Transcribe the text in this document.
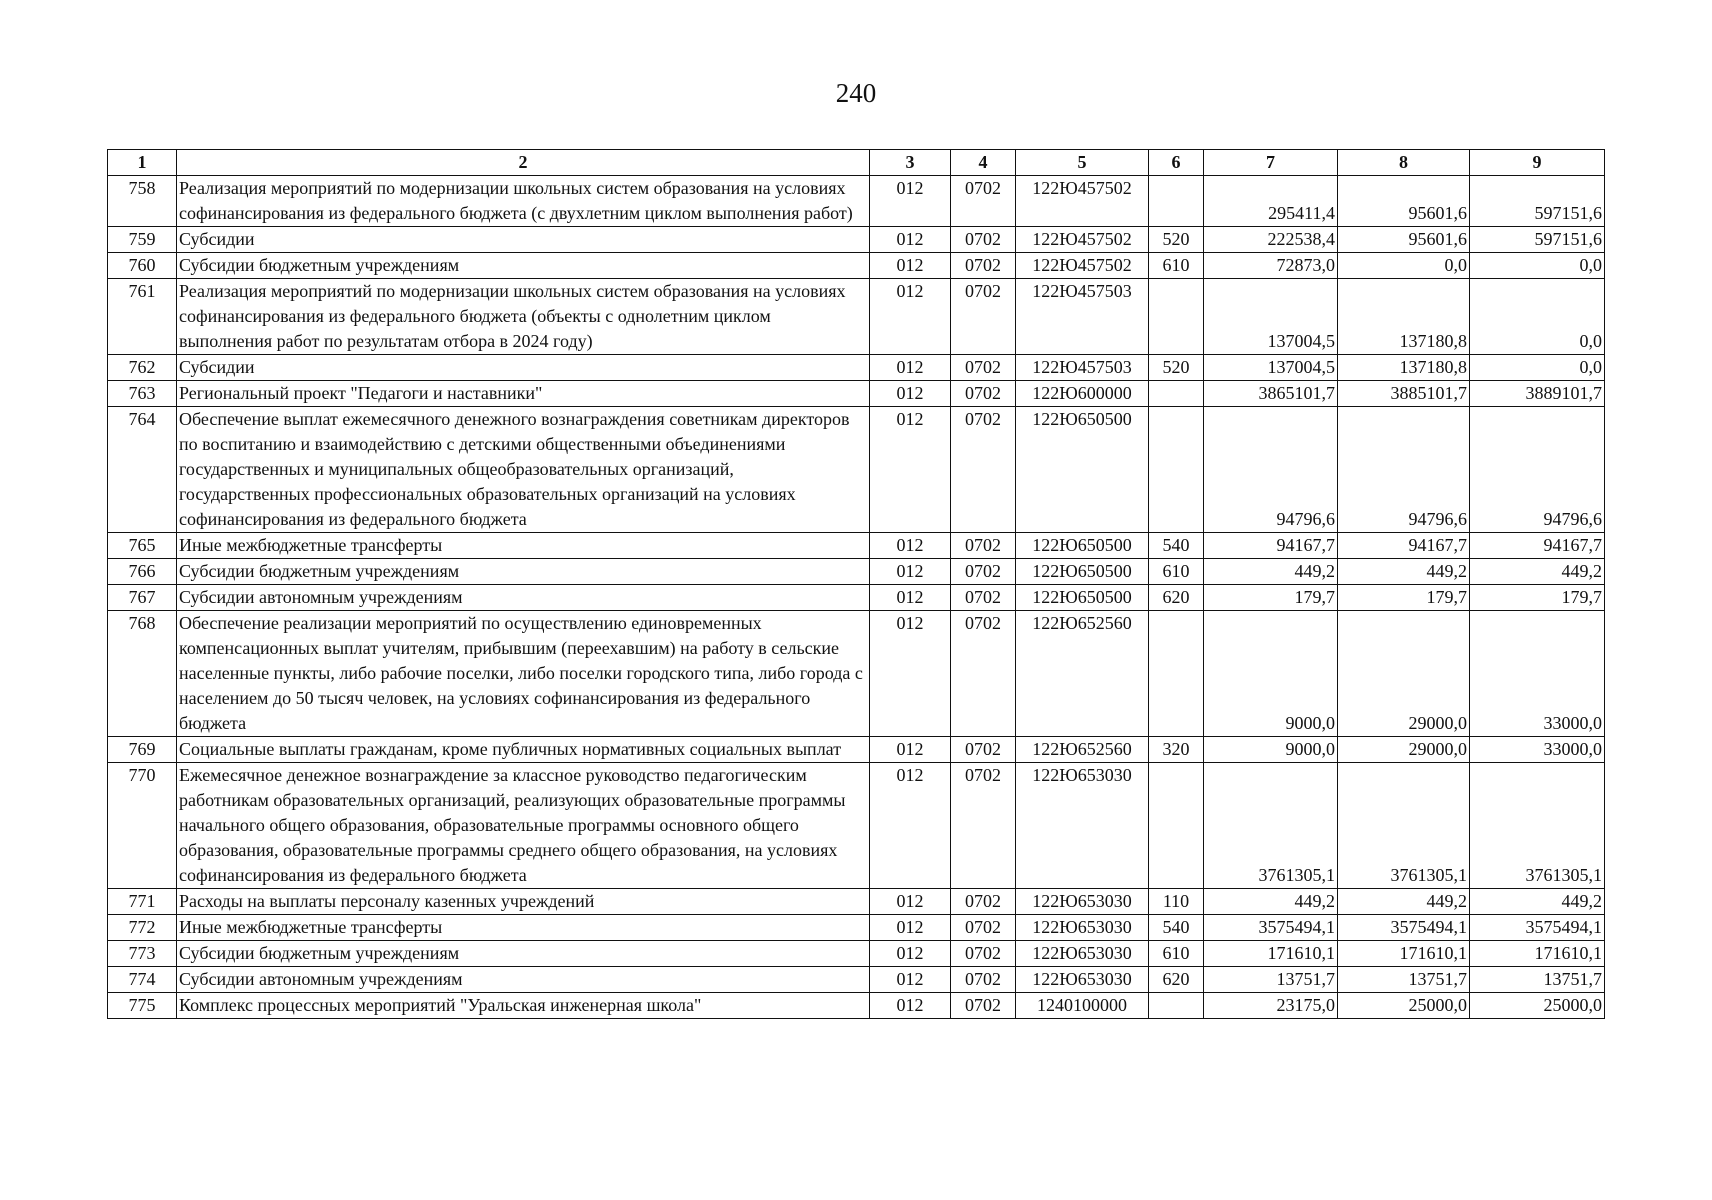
240
1	2	3	4	5	6	7	8	9
758	Реализация мероприятий по модернизации школьных систем образования на условиях софинансирования из федерального бюджета (с двухлетним циклом выполнения работ)	012	0702	122Ю457502		295411,4	95601,6	597151,6
759	Субсидии	012	0702	122Ю457502	520	222538,4	95601,6	597151,6
760	Субсидии бюджетным учреждениям	012	0702	122Ю457502	610	72873,0	0,0	0,0
761	Реализация мероприятий по модернизации школьных систем образования на условиях софинансирования из федерального бюджета (объекты с однолетним циклом выполнения работ по результатам отбора в 2024 году)	012	0702	122Ю457503		137004,5	137180,8	0,0
762	Субсидии	012	0702	122Ю457503	520	137004,5	137180,8	0,0
763	Региональный проект "Педагоги и наставники"	012	0702	122Ю600000		3865101,7	3885101,7	3889101,7
764	Обеспечение выплат ежемесячного денежного вознаграждения советникам директоров по воспитанию и взаимодействию с детскими общественными объединениями государственных и муниципальных общеобразовательных организаций, государственных профессиональных образовательных организаций на условиях софинансирования из федерального бюджета	012	0702	122Ю650500		94796,6	94796,6	94796,6
765	Иные межбюджетные трансферты	012	0702	122Ю650500	540	94167,7	94167,7	94167,7
766	Субсидии бюджетным учреждениям	012	0702	122Ю650500	610	449,2	449,2	449,2
767	Субсидии автономным учреждениям	012	0702	122Ю650500	620	179,7	179,7	179,7
768	Обеспечение реализации мероприятий по осуществлению единовременных компенсационных выплат учителям, прибывшим (переехавшим) на работу в сельские населенные пункты, либо рабочие поселки, либо поселки городского типа, либо города с населением до 50 тысяч человек, на условиях софинансирования из федерального бюджета	012	0702	122Ю652560		9000,0	29000,0	33000,0
769	Социальные выплаты гражданам, кроме публичных нормативных социальных выплат	012	0702	122Ю652560	320	9000,0	29000,0	33000,0
770	Ежемесячное денежное вознаграждение за классное руководство педагогическим работникам образовательных организаций, реализующих образовательные программы начального общего образования, образовательные программы основного общего образования, образовательные программы среднего общего образования, на условиях софинансирования из федерального бюджета	012	0702	122Ю653030		3761305,1	3761305,1	3761305,1
771	Расходы на выплаты персоналу казенных учреждений	012	0702	122Ю653030	110	449,2	449,2	449,2
772	Иные межбюджетные трансферты	012	0702	122Ю653030	540	3575494,1	3575494,1	3575494,1
773	Субсидии бюджетным учреждениям	012	0702	122Ю653030	610	171610,1	171610,1	171610,1
774	Субсидии автономным учреждениям	012	0702	122Ю653030	620	13751,7	13751,7	13751,7
775	Комплекс процессных мероприятий "Уральская инженерная школа"	012	0702	1240100000		23175,0	25000,0	25000,0
